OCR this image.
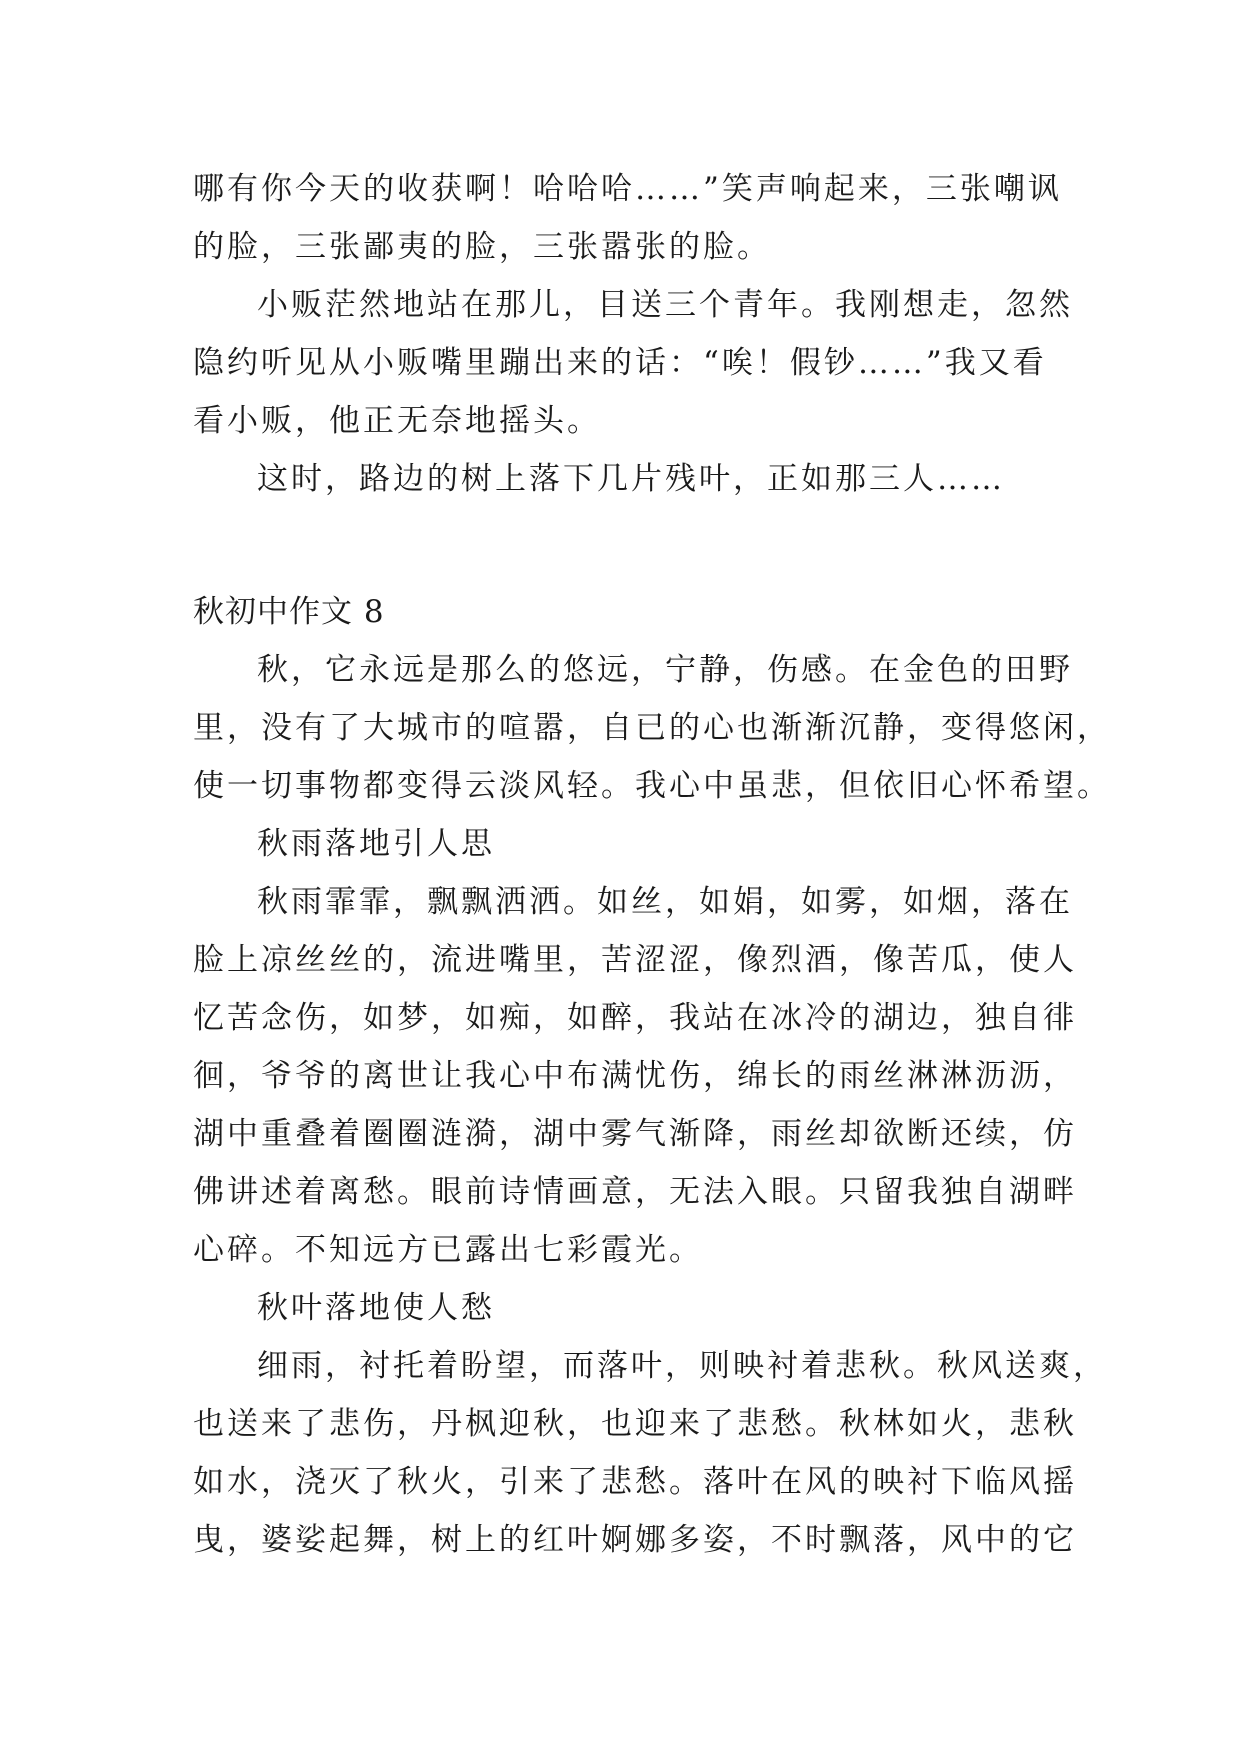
哪有你今天的收获啊！哈哈哈……”笑声响起来，三张嘲讽

的脸，三张鄙夷的脸，三张嚣张的脸。

小贩茫然地站在那儿，目送三个青年。我刚想走，忽然

隐约听见从小贩嘴里蹦出来的话：“唉！假钞……”我又看

看小贩，他正无奈地摇头。

这时，路边的树上落下几片残叶，正如那三人……

秋初中作文 8

秋，它永远是那么的悠远，宁静，伤感。在金色的田野

里，没有了大城市的喧嚣，自已的心也渐渐沉静，变得悠闲，

使一切事物都变得云淡风轻。我心中虽悲，但依旧心怀希望。

秋雨落地引人思

秋雨霏霏，飘飘洒洒。如丝，如娟，如雾，如烟，落在

脸上凉丝丝的，流进嘴里，苦涩涩，像烈酒，像苦瓜，使人

忆苦念伤，如梦，如痴，如醉，我站在冰冷的湖边，独自徘

徊，爷爷的离世让我心中布满忧伤，绵长的雨丝淋淋沥沥，

湖中重叠着圈圈涟漪，湖中雾气渐降，雨丝却欲断还续，仿

佛讲述着离愁。眼前诗情画意，无法入眼。只留我独自湖畔

心碎。不知远方已露出七彩霞光。

秋叶落地使人愁

细雨，衬托着盼望，而落叶，则映衬着悲秋。秋风送爽，

也送来了悲伤，丹枫迎秋，也迎来了悲愁。秋林如火，悲秋

如水，浇灭了秋火，引来了悲愁。落叶在风的映衬下临风摇

曳，婆娑起舞，树上的红叶婀娜多姿，不时飘落，风中的它
